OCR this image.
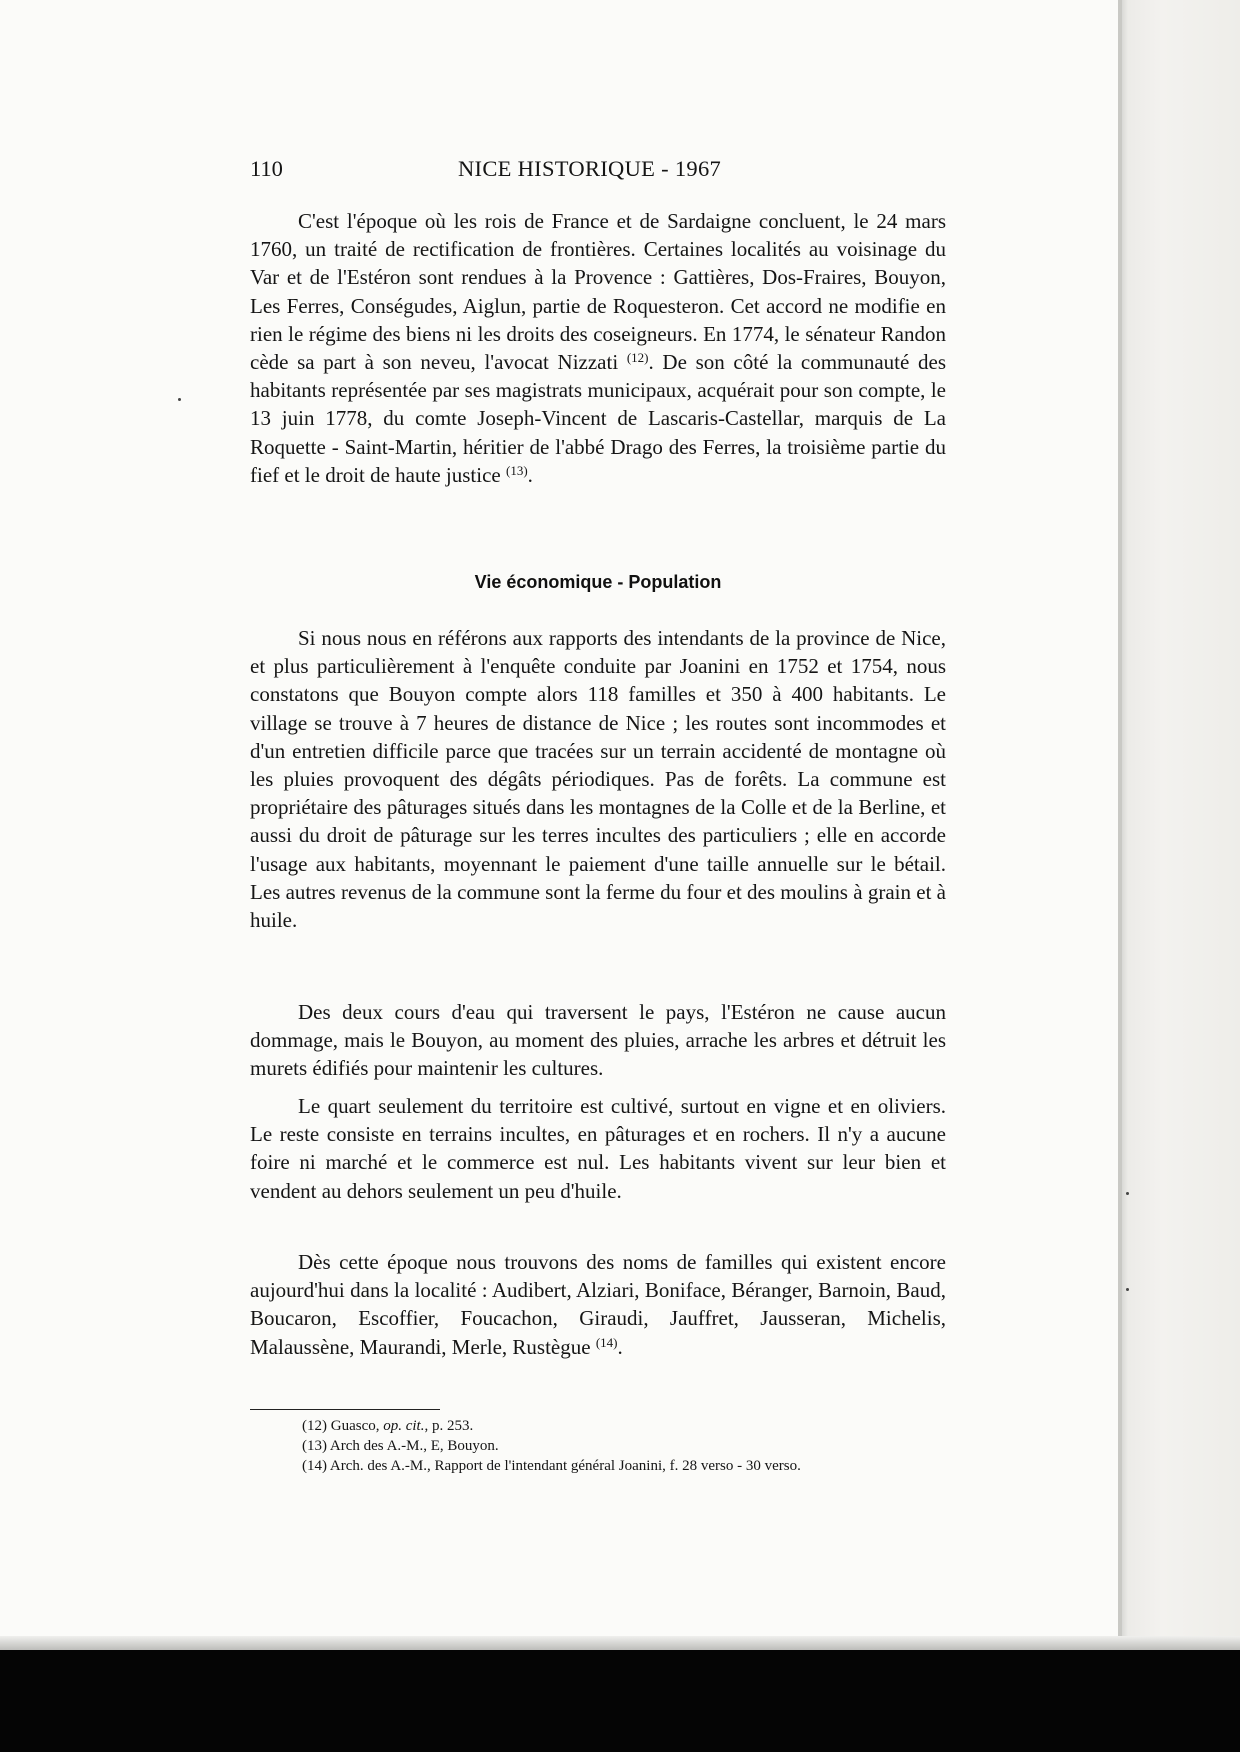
110	NICE HISTORIQUE - 1967

C'est l'époque où les rois de France et de Sardaigne concluent, le 24 mars 1760, un traité de rectification de frontières. Certaines localités au voisinage du Var et de l'Estéron sont rendues à la Provence : Gattières, Dos-Fraires, Bouyon, Les Ferres, Conségudes, Aiglun, partie de Roquesteron. Cet accord ne modifie en rien le régime des biens ni les droits des coseigneurs. En 1774, le sénateur Randon cède sa part à son neveu, l'avocat Nizzati $^{(12)}$. De son côté la communauté des habitants représentée par ses magistrats municipaux, acquérait pour son compte, le 13 juin 1778, du comte Joseph-Vincent de Lascaris-Castellar, marquis de La Roquette - Saint-Martin, héritier de l'abbé Drago des Ferres, la troisième partie du fief et le droit de haute justice $^{(13)}$.

Vie économique - Population

Si nous nous en référons aux rapports des intendants de la province de Nice, et plus particulièrement à l'enquête conduite par Joanini en 1752 et 1754, nous constatons que Bouyon compte alors 118 familles et 350 à 400 habitants. Le village se trouve à 7 heures de distance de Nice ; les routes sont incommodes et d'un entretien difficile parce que tracées sur un terrain accidenté de montagne où les pluies provoquent des dégâts périodiques. Pas de forêts. La commune est propriétaire des pâturages situés dans les montagnes de la Colle et de la Berline, et aussi du droit de pâturage sur les terres incultes des particuliers ; elle en accorde l'usage aux habitants, moyennant le paiement d'une taille annuelle sur le bétail. Les autres revenus de la commune sont la ferme du four et des moulins à grain et à huile.

Des deux cours d'eau qui traversent le pays, l'Estéron ne cause aucun dommage, mais le Bouyon, au moment des pluies, arrache les arbres et détruit les murets édifiés pour maintenir les cultures.

Le quart seulement du territoire est cultivé, surtout en vigne et en oliviers. Le reste consiste en terrains incultes, en pâturages et en rochers. Il n'y a aucune foire ni marché et le commerce est nul. Les habitants vivent sur leur bien et vendent au dehors seulement un peu d'huile.

Dès cette époque nous trouvons des noms de familles qui existent encore aujourd'hui dans la localité : Audibert, Alziari, Boniface, Béranger, Barnoin, Baud, Boucaron, Escoffier, Foucachon, Giraudi, Jauffret, Jausseran, Michelis, Malaussène, Maurandi, Merle, Rustègue $^{(14)}$.

(12) Guasco, op. cit., p. 253.

(13) Arch des A.-M., E, Bouyon.

(14) Arch. des A.-M., Rapport de l'intendant général Joanini, f. 28 verso - 30 verso.
